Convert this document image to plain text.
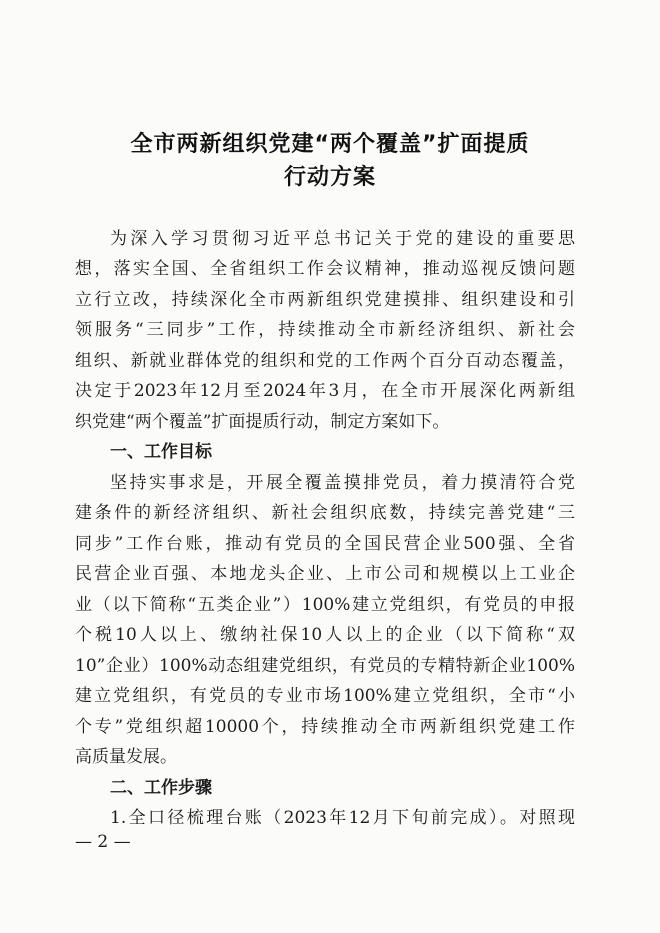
全市两新组织党建“两个覆盖”扩面提质
行动方案
为深入学习贯彻习近平总书记关于党的建设的重要思
想，落实全国、全省组织工作会议精神，推动巡视反馈问题
立行立改，持续深化全市两新组织党建摸排、组织建设和引
领服务“三同步”工作，持续推动全市新经济组织、新社会
组织、新就业群体党的组织和党的工作两个百分百动态覆盖，
决定于2023年12月至2024年3月，在全市开展深化两新组
织党建“两个覆盖”扩面提质行动，制定方案如下。
一、工作目标
坚持实事求是，开展全覆盖摸排党员，着力摸清符合党
建条件的新经济组织、新社会组织底数，持续完善党建“三
同步”工作台账，推动有党员的全国民营企业500强、全省
民营企业百强、本地龙头企业、上市公司和规模以上工业企
业（以下简称“五类企业”）100%建立党组织，有党员的申报
个税10人以上、缴纳社保10人以上的企业（以下简称“双
10”企业）100%动态组建党组织，有党员的专精特新企业100%
建立党组织，有党员的专业市场100%建立党组织，全市“小
个专”党组织超10000个，持续推动全市两新组织党建工作
高质量发展。
二、工作步骤
1.全口径梳理台账（2023年12月下旬前完成）。对照现
— 2 —
